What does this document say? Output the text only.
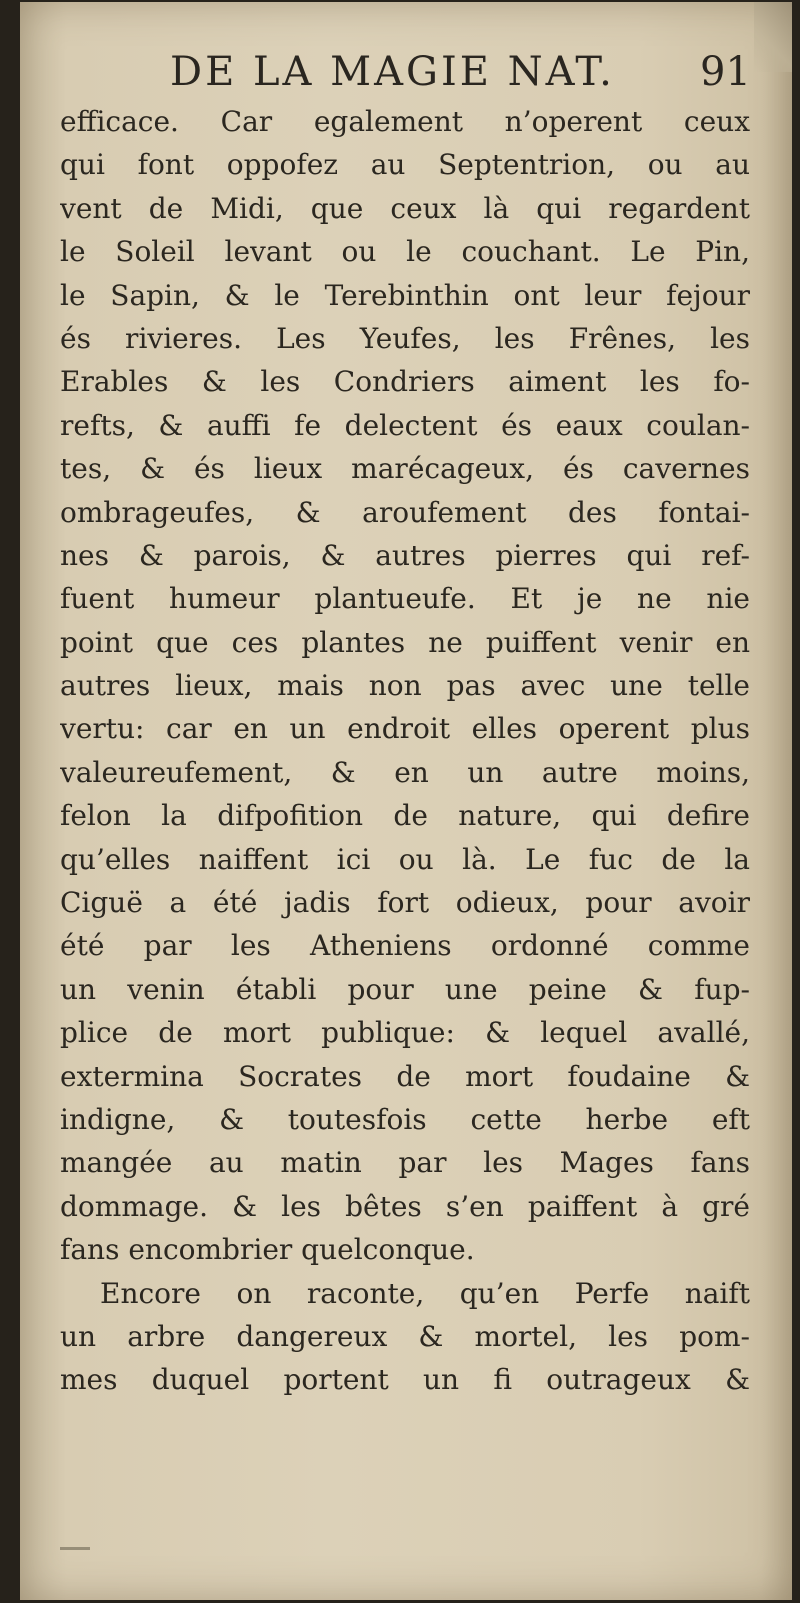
DE LA MAGIE NAT. 91
efficace. Car egalement n’operent ceux
qui font oppofez au Septentrion, ou au
vent de Midi, que ceux là qui regardent
le Soleil levant ou le couchant. Le Pin,
le Sapin, & le Terebinthin ont leur fejour
és rivieres. Les Yeufes, les Frênes, les
Erables & les Condriers aiment les fo-
refts, & auffi fe delectent és eaux coulan-
tes, & és lieux marécageux, és cavernes
ombrageufes, & aroufement des fontai-
nes & parois, & autres pierres qui ref-
fuent humeur plantueufe. Et je ne nie
point que ces plantes ne puiffent venir en
autres lieux, mais non pas avec une telle
vertu: car en un endroit elles operent plus
valeureufement, & en un autre moins,
felon la difpofition de nature, qui defire
qu’elles naiffent ici ou là. Le fuc de la
Ciguë a été jadis fort odieux, pour avoir
été par les Atheniens ordonné comme
un venin établi pour une peine & fup-
plice de mort publique: & lequel avallé,
extermina Socrates de mort foudaine &
indigne, & toutesfois cette herbe eft
mangée au matin par les Mages fans
dommage. & les bêtes s’en paiffent à gré
fans encombrier quelconque.
Encore on raconte, qu’en Perfe naift
un arbre dangereux & mortel, les pom-
mes duquel portent un fi outrageux &
